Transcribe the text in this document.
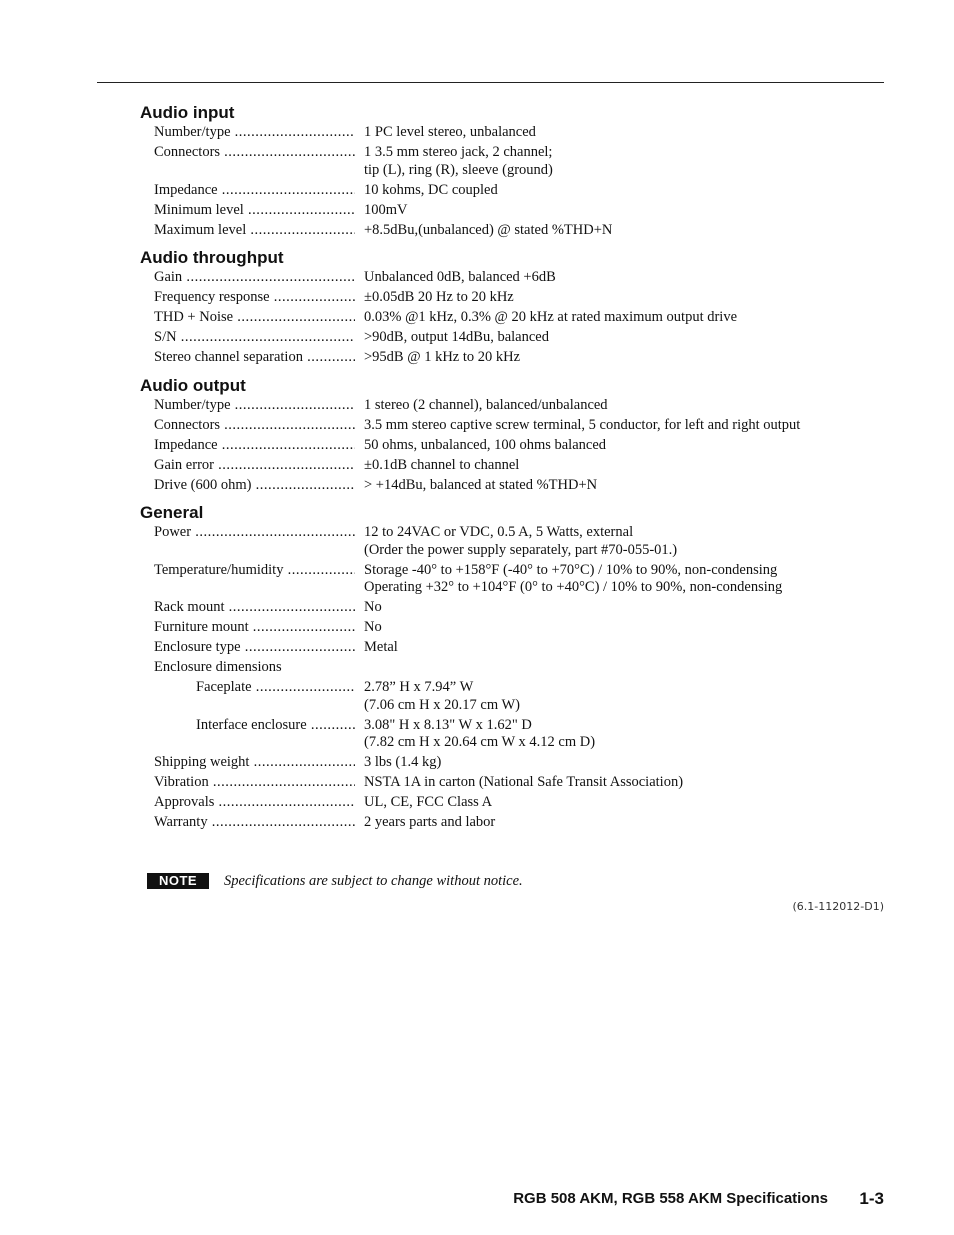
Audio input
Number/type .....	1 PC level stereo, unbalanced
Connectors .....	1 3.5 mm stereo jack, 2 channel;
tip (L), ring (R), sleeve (ground)
Impedance .....	10 kohms, DC coupled
Minimum level .....	100mV
Maximum level .....	+8.5dBu,(unbalanced) @ stated %THD+N
Audio throughput
Gain .....	Unbalanced 0dB, balanced +6dB
Frequency response .....	±0.05dB 20 Hz to 20 kHz
THD + Noise .....	0.03% @1 kHz, 0.3% @ 20 kHz at rated maximum output drive
S/N .....	>90dB, output 14dBu, balanced
Stereo channel separation .....	>95dB @ 1 kHz to 20 kHz
Audio output
Number/type .....	1 stereo (2 channel), balanced/unbalanced
Connectors .....	3.5 mm stereo captive screw terminal, 5 conductor, for left and right output
Impedance .....	50 ohms, unbalanced, 100 ohms balanced
Gain error .....	±0.1dB channel to channel
Drive (600 ohm) .....	> +14dBu, balanced at stated %THD+N
General
Power .....	12 to 24VAC or VDC, 0.5 A, 5 Watts, external
(Order the power supply separately, part #70-055-01.)
Temperature/humidity .....	Storage -40° to +158°F (-40° to +70°C) / 10% to 90%, non-condensing
Operating +32° to +104°F (0° to +40°C) / 10% to 90%, non-condensing
Rack mount .....	No
Furniture mount .....	No
Enclosure type .....	Metal
Enclosure dimensions
Faceplate .....	2.78” H x 7.94” W
(7.06 cm H x 20.17 cm W)
Interface enclosure .....	3.08" H x 8.13" W x 1.62" D
(7.82 cm H x 20.64 cm W x 4.12 cm D)
Shipping weight .....	3 lbs (1.4 kg)
Vibration .....	NSTA 1A in carton (National Safe Transit Association)
Approvals .....	UL, CE, FCC Class A
Warranty .....	2 years parts and labor
NOTE	Specifications are subject to change without notice.
(6.1-112012-D1)
RGB 508 AKM, RGB 558 AKM Specifications 1-3
